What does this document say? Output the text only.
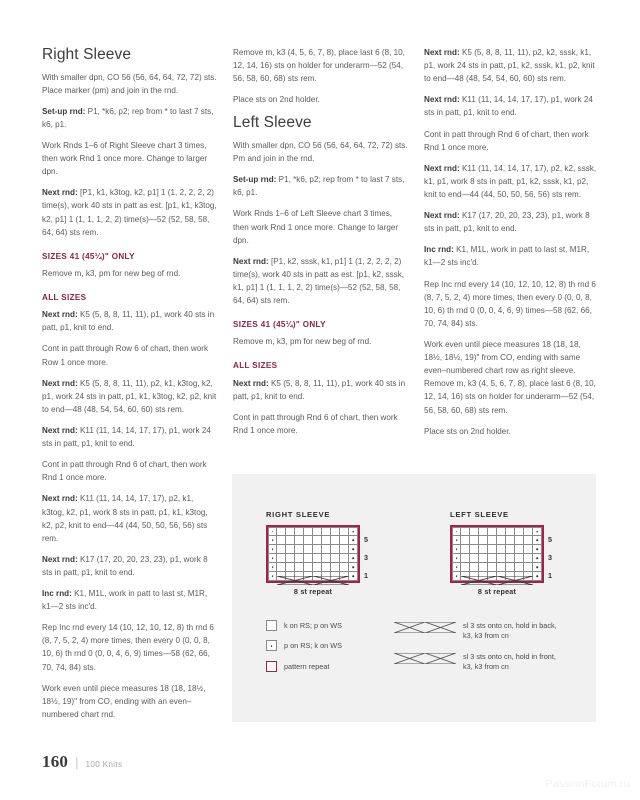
Right Sleeve

With smaller dpn, CO 56 (56, 64, 64, 72, 72) sts. Place marker (pm) and join in the rnd.

Set-up rnd: P1, *k6, p2; rep from * to last 7 sts, k6, p1.

Work Rnds 1–6 of Right Sleeve chart 3 times, then work Rnd 1 once more. Change to larger dpn.

Next rnd: [P1, k1, k3tog, k2, p1] 1 (1, 2, 2, 2, 2) time(s), work 40 sts in patt as est. [p1, k1, k3tog, k2, p1] 1 (1, 1, 1, 2, 2) time(s)—52 (52, 58, 58, 64, 64) sts rem.

SIZES 41 (45¼)" ONLY

Remove m, k3, pm for new beg of rnd.

ALL SIZES

Next rnd: K5 (5, 8, 8, 11, 11), p1, work 40 sts in patt, p1, knit to end.

Cont in patt through Row 6 of chart, then work Row 1 once more.

Next rnd: K5 (5, 8, 8, 11, 11), p2, k1, k3tog, k2, p1, work 24 sts in patt, p1, k1, k3tog, k2, p2, knit to end—48 (48, 54, 54, 60, 60) sts rem.

Next rnd: K11 (11, 14, 14, 17, 17), p1, work 24 sts in patt, p1, knit to end.

Cont in patt through Rnd 6 of chart, then work Rnd 1 once more.

Next rnd: K11 (11, 14, 14, 17, 17), p2, k1, k3tog, k2, p1, work 8 sts in patt, p1, k1, k3tog, k2, p2, knit to end—44 (44, 50, 50, 56, 56) sts rem.

Next rnd: K17 (17, 20, 20, 23, 23), p1, work 8 sts in patt, p1, knit to end.

Inc rnd: K1, M1L, work in patt to last st, M1R, k1—2 sts inc'd.

Rep Inc rnd every 14 (10, 12, 10, 12, 8) th rnd 6 (8, 7, 5, 2, 4) more times, then every 0 (0, 0, 8, 10, 6) th rnd 0 (0, 0, 4, 6, 9) times—58 (62, 66, 70, 74, 84) sts.

Work even until piece measures 18 (18, 18½, 18½, 19)" from CO, ending with an even–numbered chart rnd.

Remove m, k3 (4, 5, 6, 7, 8), place last 6 (8, 10, 12, 14, 16) sts on holder for underarm—52 (54, 56, 58, 60, 68) sts rem.

Place sts on 2nd holder.

Left Sleeve

With smaller dpn, CO 56 (56, 64, 64, 72, 72) sts. Pm and join in the rnd.

Set-up rnd: P1, *k6, p2; rep from * to last 7 sts, k6, p1.

Work Rnds 1–6 of Left Sleeve chart 3 times, then work Rnd 1 once more. Change to larger dpn.

Next rnd: [P1, k2, sssk, k1, p1] 1 (1, 2, 2, 2, 2) time(s), work 40 sts in patt as est. [p1, k2, sssk, k1, p1] 1 (1, 1, 1, 2, 2) time(s)—52 (52, 58, 58, 64, 64) sts rem.

SIZES 41 (45¼)" ONLY

Remove m, k3, pm for new beg of rnd.

ALL SIZES

Next rnd: K5 (5, 8, 8, 11, 11), p1, work 40 sts in patt, p1, knit to end.

Cont in patt through Rnd 6 of chart, then work Rnd 1 once more.

Next rnd: K5 (5, 8, 8, 11, 11), p2, k2, sssk, k1, p1, work 24 sts in patt, p1, k2, sssk, k1, p2, knit to end—48 (48, 54, 54, 60, 60) sts rem.

Next rnd: K11 (11, 14, 14, 17, 17), p1, work 24 sts in patt, p1, knit to end.

Cont in patt through Rnd 6 of chart, then work Rnd 1 once more.

Next rnd: K11 (11, 14, 14, 17, 17), p2, k2, sssk, k1, p1, work 8 sts in patt, p1, k2, sssk, k1, p2, knit to end—44 (44, 50, 50, 56, 56) sts rem.

Next rnd: K17 (17, 20, 20, 23, 23), p1, work 8 sts in patt, p1, knit to end.

Inc rnd: K1, M1L, work in patt to last st, M1R, k1—2 sts inc'd.

Rep Inc rnd every 14 (10, 12, 10, 12, 8) th rnd 6 (8, 7, 5, 2, 4) more times, then every 0 (0, 0, 8, 10, 6) th rnd 0 (0, 0, 4, 6, 9) times—58 (62, 66, 70, 74, 84) sts.

Work even until piece measures 18 (18, 18, 18½, 18½, 19)" from CO, ending with same even–numbered chart row as right sleeve. Remove m, k3 (4, 5, 6, 7, 8), place last 6 (8, 10, 12, 14, 16) sts on holder for underarm—52 (54, 56, 58, 60, 68) sts rem.

Place sts on 2nd holder.

RIGHT SLEEVE
1
3
5
8 st repeat
LEFT SLEEVE
1
3
5
8 st repeat
k on RS; p on WS
p on RS; k on WS
pattern repeat
sl 3 sts onto cn, hold in back, k3, k3 from cn
sl 3 sts onto cn, hold in front, k3, k3 from cn
160 | 100 Knits
PassionForum.ru
